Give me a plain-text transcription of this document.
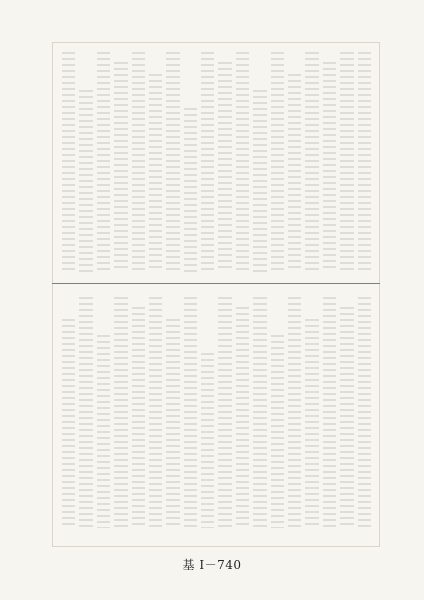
基 I－740
